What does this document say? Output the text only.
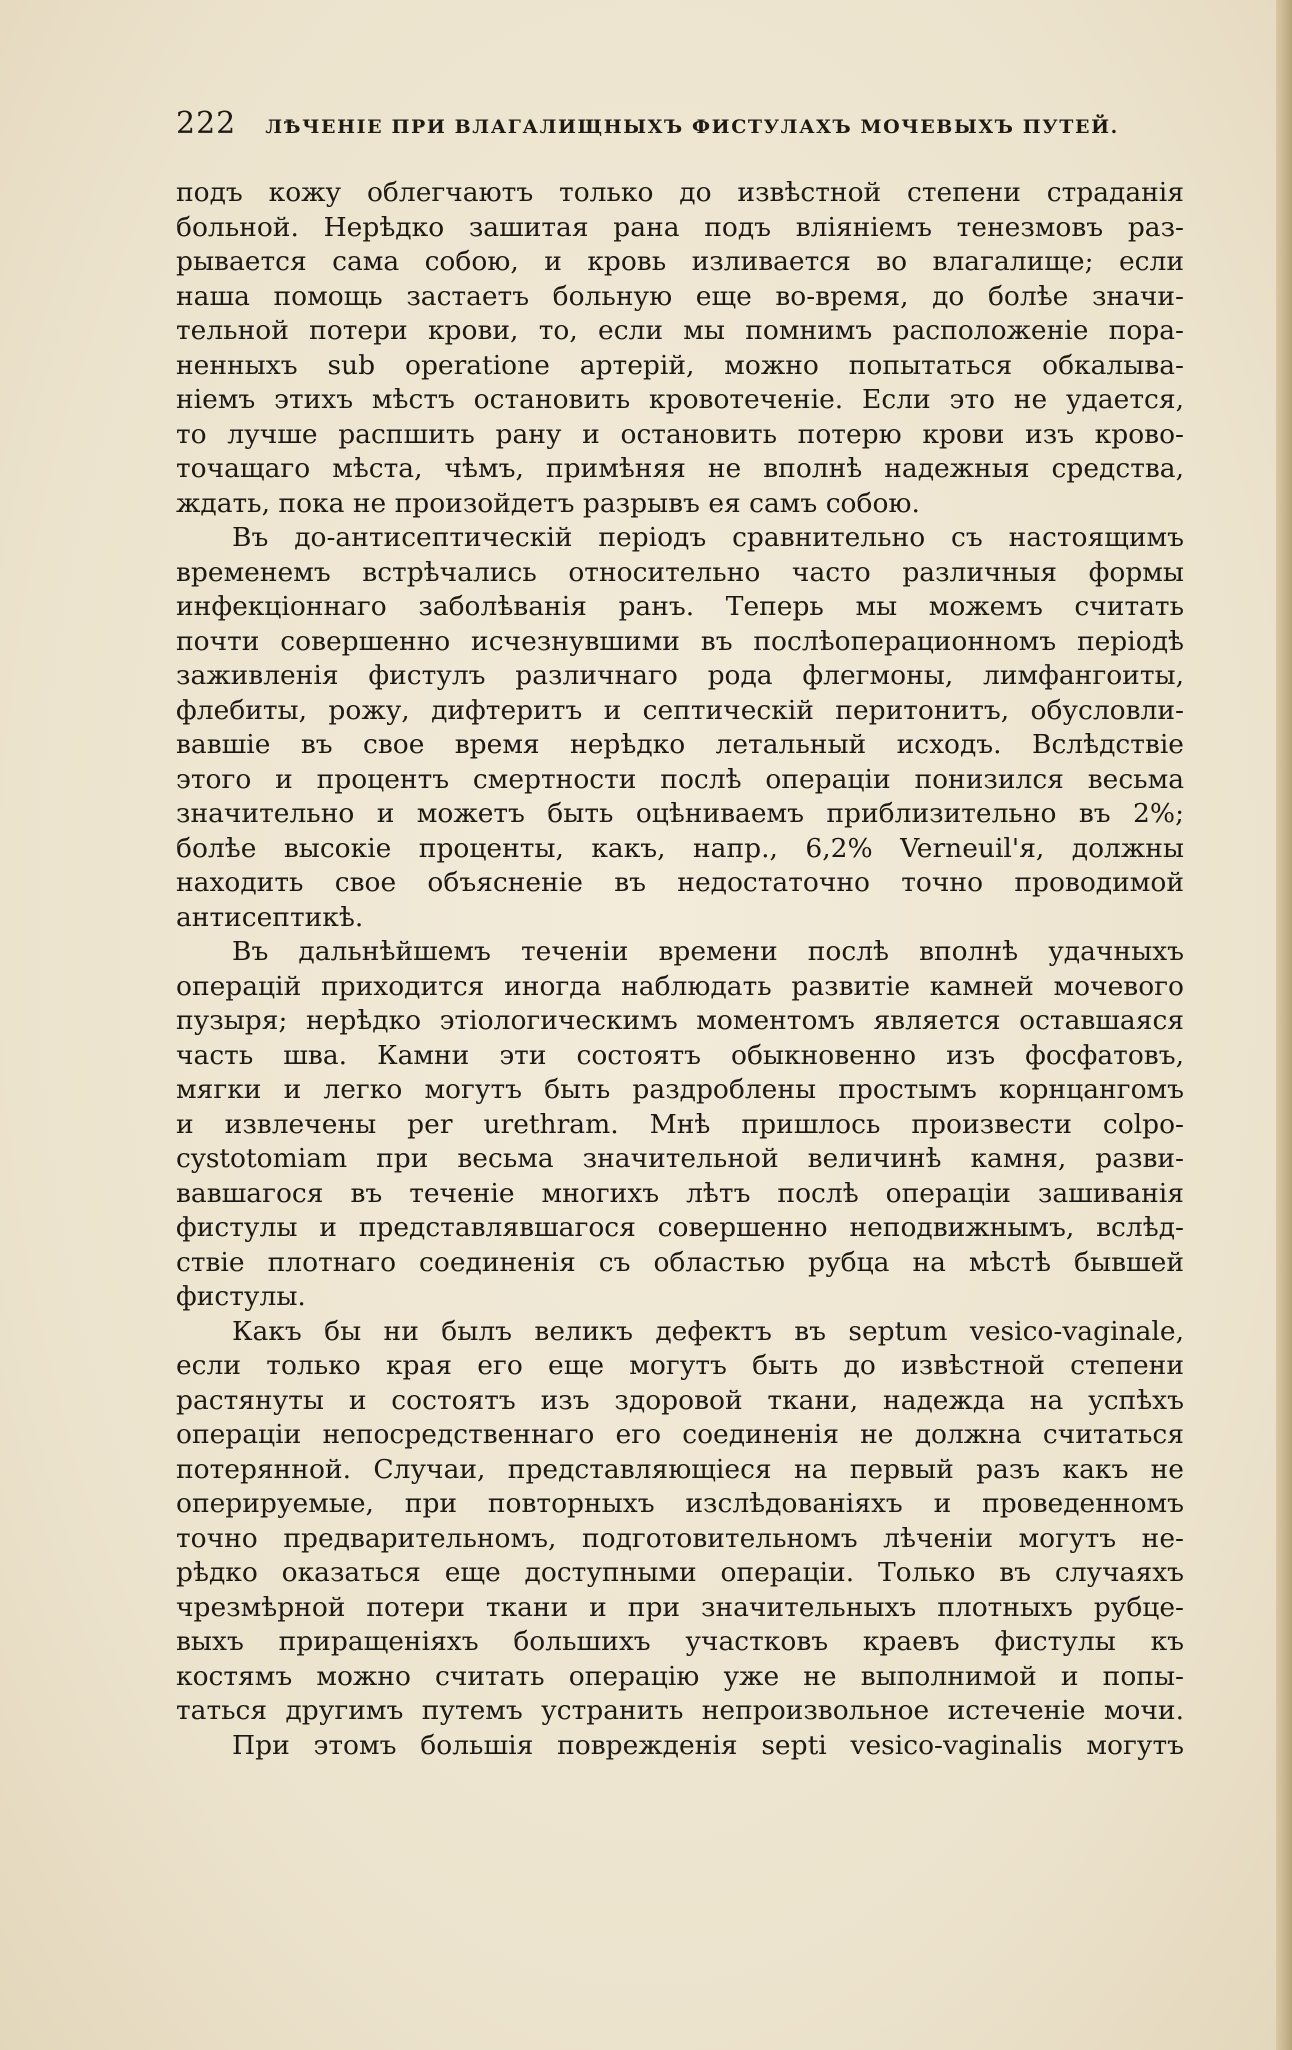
222 ЛѢЧЕНІЕ ПРИ ВЛАГАЛИЩНЫХЪ ФИСТУЛАХЪ МОЧЕВЫХЪ ПУТЕЙ.

подъ кожу облегчаютъ только до извѣстной степени страданія
больной. Нерѣдко зашитая рана подъ вліяніемъ тенезмовъ раз-
рывается сама собою, и кровь изливается во влагалище; если
наша помощь застаетъ больную еще во-время, до болѣе значи-
тельной потери крови, то, если мы помнимъ расположеніе пора-
ненныхъ sub operatione артерій, можно попытаться обкалыва-
ніемъ этихъ мѣстъ остановить кровотеченіе. Если это не удается,
то лучше распшить рану и остановить потерю крови изъ крово-
точащаго мѣста, чѣмъ, примѣняя не вполнѣ надежныя средства,
ждать, пока не произойдетъ разрывъ ея самъ собою.

Въ до-антисептическій періодъ сравнительно съ настоящимъ
временемъ встрѣчались относительно часто различныя формы
инфекціоннаго заболѣванія ранъ. Теперь мы можемъ считать
почти совершенно исчезнувшими въ послѣоперационномъ періодѣ
заживленія фистулъ различнаго рода флегмоны, лимфангоиты,
флебиты, рожу, дифтеритъ и септическій перитонитъ, обусловли-
вавшіе въ свое время нерѣдко летальный исходъ. Вслѣдствіе
этого и процентъ смертности послѣ операціи понизился весьма
значительно и можетъ быть оцѣниваемъ приблизительно въ 2%;
болѣе высокіе проценты, какъ, напр., 6,2% Verneuil'я, должны
находить свое объясненіе въ недостаточно точно проводимой
антисептикѣ.

Въ дальнѣйшемъ теченіи времени послѣ вполнѣ удачныхъ
операцій приходится иногда наблюдать развитіе камней мочевого
пузыря; нерѣдко этіологическимъ моментомъ является оставшаяся
часть шва. Камни эти состоятъ обыкновенно изъ фосфатовъ,
мягки и легко могутъ быть раздроблены простымъ корнцангомъ
и извлечены per urethram. Мнѣ пришлось произвести colpo-
cystotomiam при весьма значительной величинѣ камня, разви-
вавшагося въ теченіе многихъ лѣтъ послѣ операціи зашиванія
фистулы и представлявшагося совершенно неподвижнымъ, вслѣд-
ствіе плотнаго соединенія съ областью рубца на мѣстѣ бывшей
фистулы.

Какъ бы ни былъ великъ дефектъ въ septum vesico-vaginale,
если только края его еще могутъ быть до извѣстной степени
растянуты и состоятъ изъ здоровой ткани, надежда на успѣхъ
операціи непосредственнаго его соединенія не должна считаться
потерянной. Случаи, представляющіеся на первый разъ какъ не
оперируемые, при повторныхъ изслѣдованіяхъ и проведенномъ
точно предварительномъ, подготовительномъ лѣченіи могутъ не-
рѣдко оказаться еще доступными операціи. Только въ случаяхъ
чрезмѣрной потери ткани и при значительныхъ плотныхъ рубце-
выхъ приращеніяхъ большихъ участковъ краевъ фистулы къ
костямъ можно считать операцію уже не выполнимой и попы-
таться другимъ путемъ устранить непроизвольное истеченіе мочи.

При этомъ большія поврежденія septi vesico-vaginalis могутъ
